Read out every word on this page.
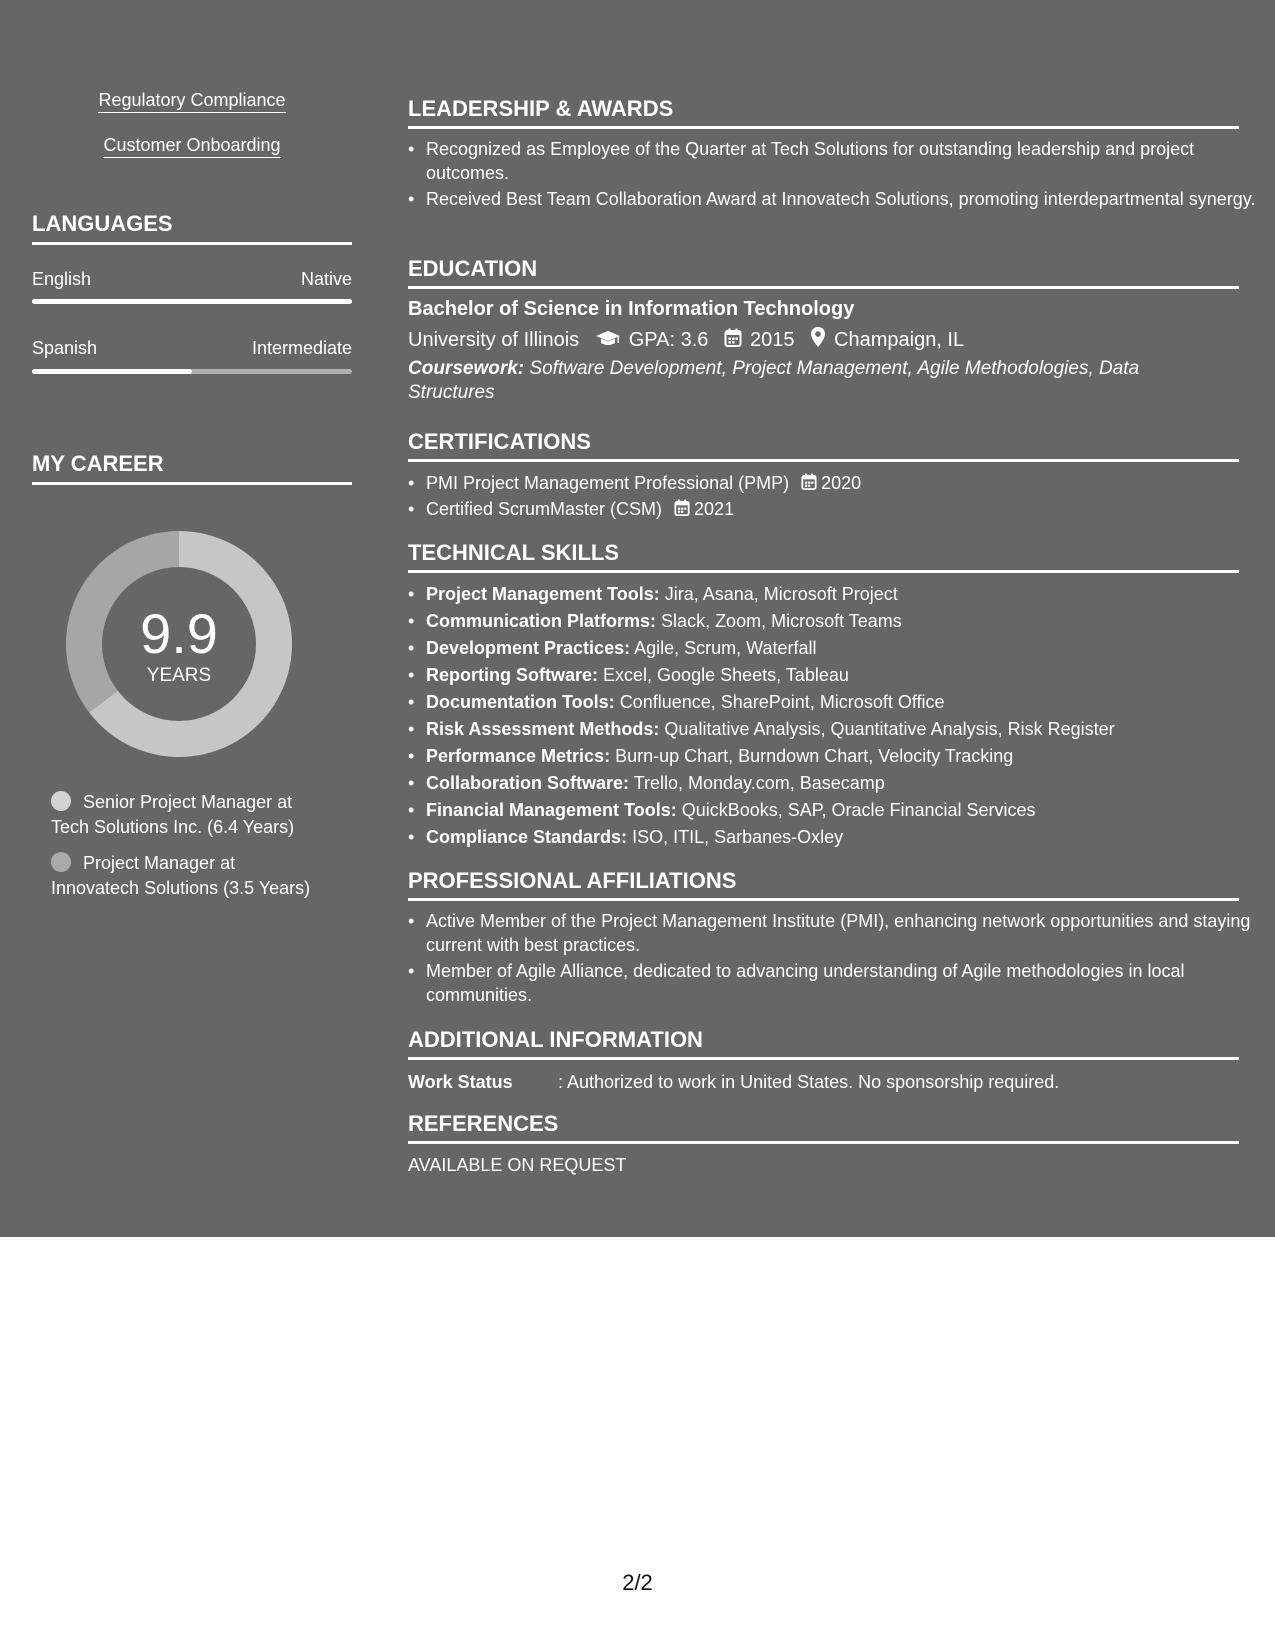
Regulatory Compliance
Customer Onboarding
LANGUAGES
English	Native
Spanish	Intermediate
MY CAREER
9.9
YEARS
Senior Project Manager at
Tech Solutions Inc. (6.4 Years)
Project Manager at
Innovatech Solutions (3.5 Years)
LEADERSHIP & AWARDS
• Recognized as Employee of the Quarter at Tech Solutions for outstanding leadership and project outcomes.
• Received Best Team Collaboration Award at Innovatech Solutions, promoting interdepartmental synergy.
EDUCATION
Bachelor of Science in Information Technology
University of Illinois GPA: 3.6 2015 Champaign, IL
Coursework: Software Development, Project Management, Agile Methodologies, Data Structures
CERTIFICATIONS
• PMI Project Management Professional (PMP) 2020
• Certified ScrumMaster (CSM) 2021
TECHNICAL SKILLS
• Project Management Tools: Jira, Asana, Microsoft Project
• Communication Platforms: Slack, Zoom, Microsoft Teams
• Development Practices: Agile, Scrum, Waterfall
• Reporting Software: Excel, Google Sheets, Tableau
• Documentation Tools: Confluence, SharePoint, Microsoft Office
• Risk Assessment Methods: Qualitative Analysis, Quantitative Analysis, Risk Register
• Performance Metrics: Burn-up Chart, Burndown Chart, Velocity Tracking
• Collaboration Software: Trello, Monday.com, Basecamp
• Financial Management Tools: QuickBooks, SAP, Oracle Financial Services
• Compliance Standards: ISO, ITIL, Sarbanes-Oxley
PROFESSIONAL AFFILIATIONS
• Active Member of the Project Management Institute (PMI), enhancing network opportunities and staying current with best practices.
• Member of Agile Alliance, dedicated to advancing understanding of Agile methodologies in local communities.
ADDITIONAL INFORMATION
Work Status	: Authorized to work in United States. No sponsorship required.
REFERENCES
AVAILABLE ON REQUEST
2/2
